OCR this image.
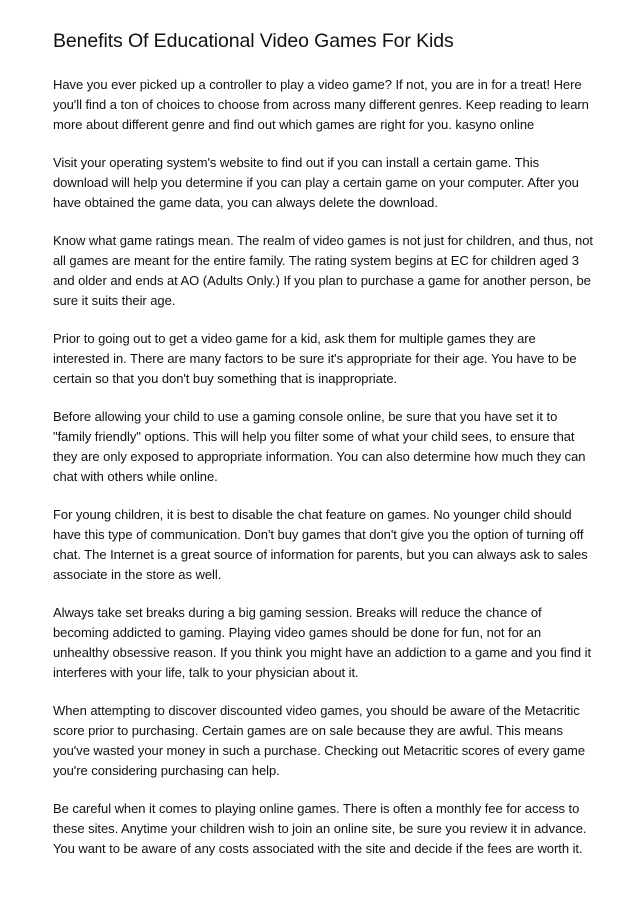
Benefits Of Educational Video Games For Kids

Have you ever picked up a controller to play a video game? If not, you are in for a treat! Here you'll find a ton of choices to choose from across many different genres. Keep reading to learn more about different genre and find out which games are right for you. kasyno online

Visit your operating system's website to find out if you can install a certain game. This download will help you determine if you can play a certain game on your computer. After you have obtained the game data, you can always delete the download.

Know what game ratings mean. The realm of video games is not just for children, and thus, not all games are meant for the entire family. The rating system begins at EC for children aged 3 and older and ends at AO (Adults Only.) If you plan to purchase a game for another person, be sure it suits their age.

Prior to going out to get a video game for a kid, ask them for multiple games they are interested in. There are many factors to be sure it's appropriate for their age. You have to be certain so that you don't buy something that is inappropriate.

Before allowing your child to use a gaming console online, be sure that you have set it to "family friendly" options. This will help you filter some of what your child sees, to ensure that they are only exposed to appropriate information. You can also determine how much they can chat with others while online.

For young children, it is best to disable the chat feature on games. No younger child should have this type of communication. Don't buy games that don't give you the option of turning off chat. The Internet is a great source of information for parents, but you can always ask to sales associate in the store as well.

Always take set breaks during a big gaming session. Breaks will reduce the chance of becoming addicted to gaming. Playing video games should be done for fun, not for an unhealthy obsessive reason. If you think you might have an addiction to a game and you find it interferes with your life, talk to your physician about it.

When attempting to discover discounted video games, you should be aware of the Metacritic score prior to purchasing. Certain games are on sale because they are awful. This means you've wasted your money in such a purchase. Checking out Metacritic scores of every game you're considering purchasing can help.

Be careful when it comes to playing online games. There is often a monthly fee for access to these sites. Anytime your children wish to join an online site, be sure you review it in advance. You want to be aware of any costs associated with the site and decide if the fees are worth it.
